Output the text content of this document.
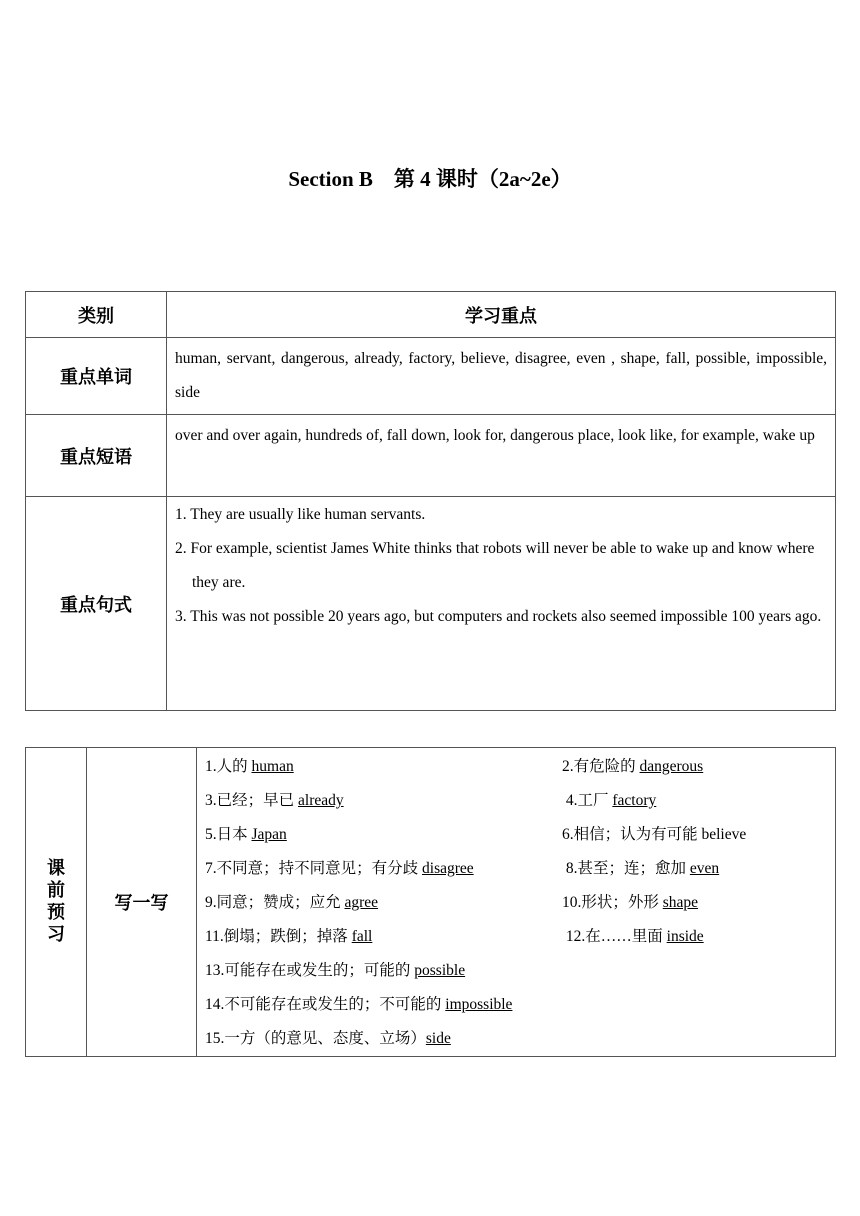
Section B　第 4 课时（2a~2e）
类别	学习重点
重点单词	human, servant, dangerous, already, factory, believe, disagree, even , shape, fall, possible, impossible, side
重点短语	over and over again, hundreds of, fall down, look for, dangerous place, look like, for example, wake up
重点句式	1. They are usually like human servants.
2. For example, scientist James White thinks that robots will never be able to wake up and know where they are.
3. This was not possible 20 years ago, but computers and rockets also seemed impossible 100 years ago.
课前预习	写一写	
1.人的 human	2.有危险的 dangerous
3.已经；早已 already	4.工厂 factory
5.日本 Japan	6.相信；认为有可能 believe
7.不同意；持不同意见；有分歧 disagree	8.甚至；连；愈加 even
9.同意；赞成；应允 agree	10.形状；外形 shape
11.倒塌；跌倒；掉落 fall	12.在……里面 inside
13.可能存在或发生的；可能的 possible
14.不可能存在或发生的；不可能的 impossible
15.一方（的意见、态度、立场）side
